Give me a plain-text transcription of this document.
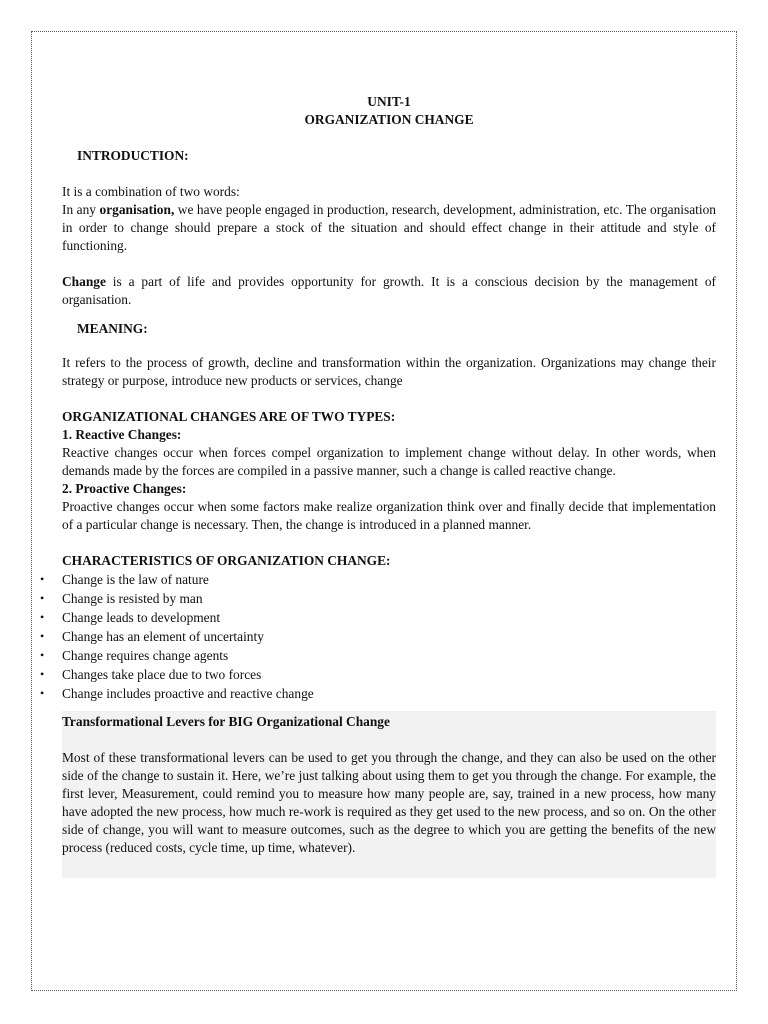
UNIT-1
ORGANIZATION CHANGE
INTRODUCTION:

It is a combination of two words:

In any organisation, we have people engaged in production, research, development, administration, etc. The organisation in order to change should prepare a stock of the situation and should effect change in their attitude and style of functioning.

Change is a part of life and provides opportunity for growth. It is a conscious decision by the management of organisation.

MEANING:

It refers to the process of growth, decline and transformation within the organization. Organizations may change their strategy or purpose, introduce new products or services, change

ORGANIZATIONAL CHANGES ARE OF TWO TYPES:
1. Reactive Changes:

Reactive changes occur when forces compel organization to implement change without delay. In other words, when demands made by the forces are compiled in a passive manner, such a change is called reactive change.

2. Proactive Changes:

Proactive changes occur when some factors make realize organization think over and finally decide that implementation of a particular change is necessary. Then, the change is introduced in a planned manner.

CHARACTERISTICS OF ORGANIZATION CHANGE:
• Change is the law of nature
• Change is resisted by man
• Change leads to development
• Change has an element of uncertainty
• Change requires change agents
• Changes take place due to two forces
• Change includes proactive and reactive change
Transformational Levers for BIG Organizational Change

Most of these transformational levers can be used to get you through the change, and they can also be used on the other side of the change to sustain it. Here, we’re just talking about using them to get you through the change. For example, the first lever, Measurement, could remind you to measure how many people are, say, trained in a new process, how many have adopted the new process, how much re-work is required as they get used to the new process, and so on. On the other side of change, you will want to measure outcomes, such as the degree to which you are getting the benefits of the new process (reduced costs, cycle time, up time, whatever).
